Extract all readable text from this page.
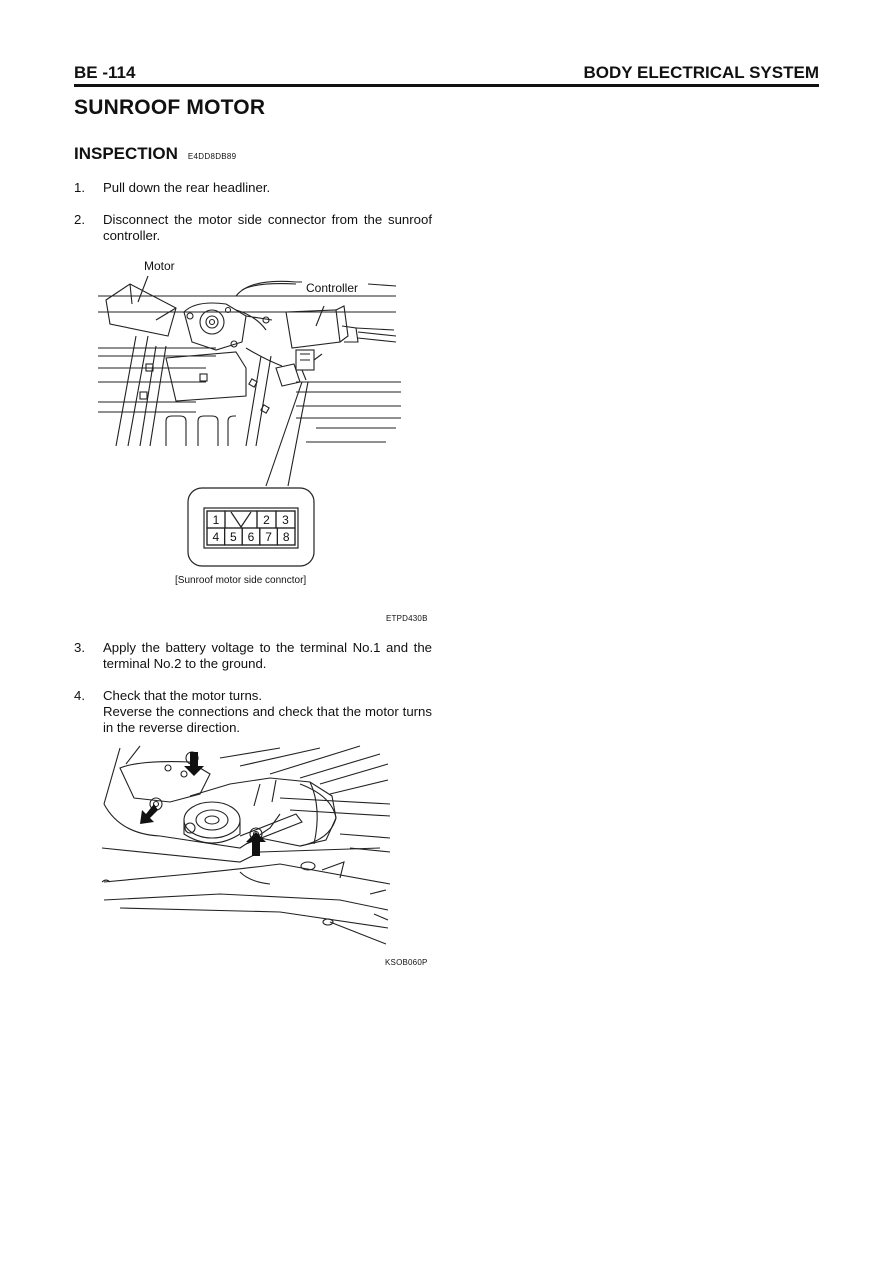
BE -114	BODY ELECTRICAL SYSTEM
SUNROOF MOTOR
INSPECTION E4DD8DB89
1. Pull down the rear headliner.

2. Disconnect the motor side connector from the sunroof controller.

1	2 3
4 5 6 7 8
Motor
Controller
[Sunroof motor side connctor]
ETPD430B
3. Apply the battery voltage to the terminal No.1 and the terminal No.2 to the ground.

4. Check that the motor turns.

Reverse the connections and check that the motor turns in the reverse direction.

KSOB060P
